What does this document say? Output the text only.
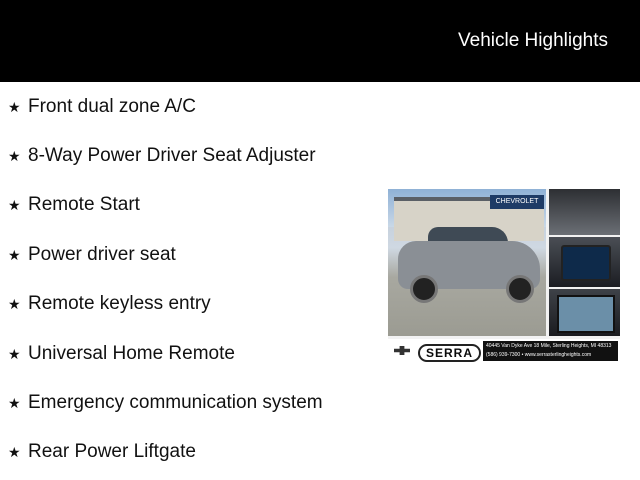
Vehicle Highlights
★ Front dual zone A/C
★ 8-Way Power Driver Seat Adjuster
★ Remote Start
★ Power driver seat
★ Remote keyless entry
★ Universal Home Remote
★ Emergency communication system
★ Rear Power Liftgate
CHEVROLET
SERRA	40445 Van Dyke Ave 18 Mile, Sterling Heights, MI 48313
(586) 939-7300 • www.serrasterlingheights.com
